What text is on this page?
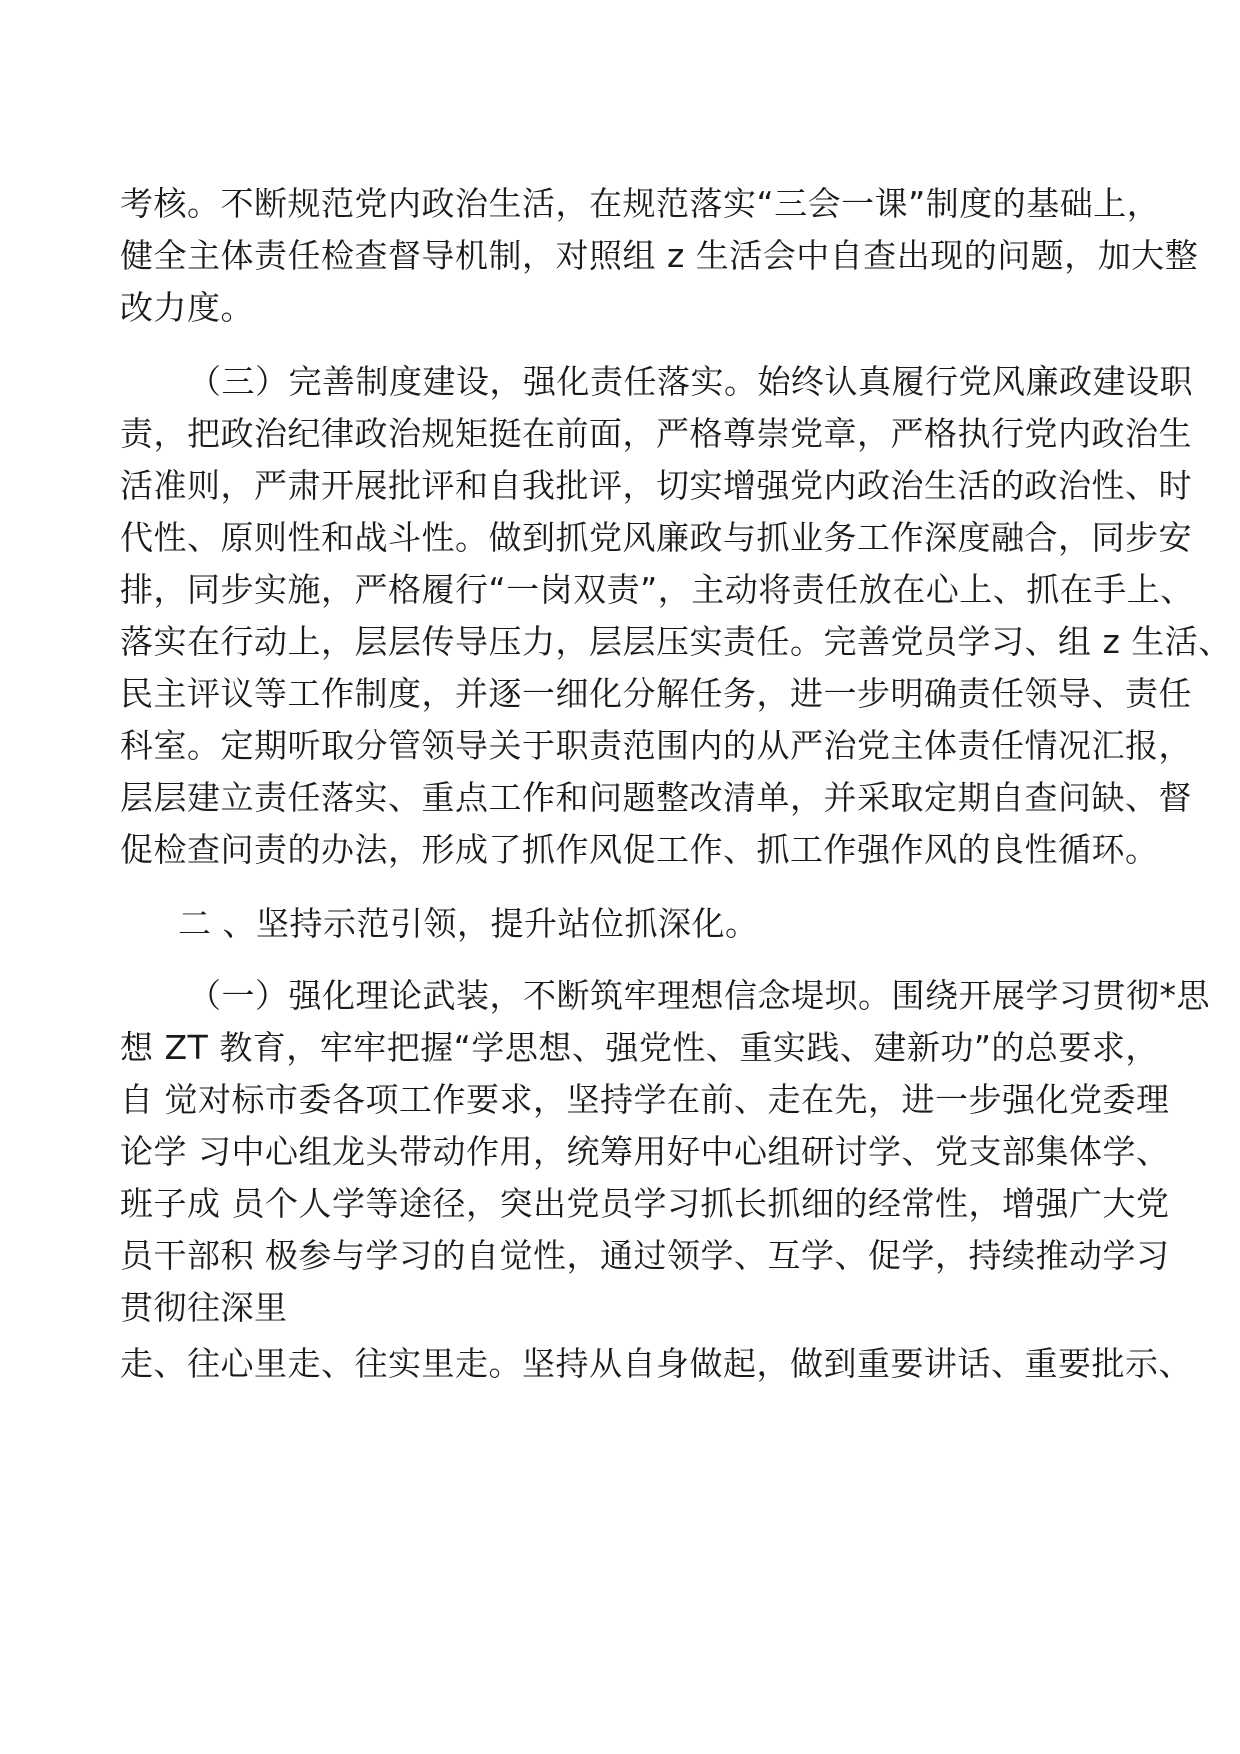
考核。不断规范党内政治生活，在规范落实“三会一课”制度的基础上，
健全主体责任检查督导机制，对照组 z 生活会中自查出现的问题，加大整
改力度。
（三）完善制度建设，强化责任落实。始终认真履行党风廉政建设职
责，把政治纪律政治规矩挺在前面，严格尊崇党章，严格执行党内政治生
活准则，严肃开展批评和自我批评，切实增强党内政治生活的政治性、时
代性、原则性和战斗性。做到抓党风廉政与抓业务工作深度融合，同步安
排，同步实施，严格履行“一岗双责”，主动将责任放在心上、抓在手上、
落实在行动上，层层传导压力，层层压实责任。完善党员学习、组 z 生活、
民主评议等工作制度，并逐一细化分解任务，进一步明确责任领导、责任
科室。定期听取分管领导关于职责范围内的从严治党主体责任情况汇报，
层层建立责任落实、重点工作和问题整改清单，并采取定期自查问缺、督
促检查问责的办法，形成了抓作风促工作、抓工作强作风的良性循环。
二 、坚持示范引领，提升站位抓深化。
（一）强化理论武装，不断筑牢理想信念堤坝。围绕开展学习贯彻*思
想 ZT 教育，牢牢把握“学思想、强党性、重实践、建新功”的总要求，
自 觉对标市委各项工作要求，坚持学在前、走在先，进一步强化党委理
论学 习中心组龙头带动作用，统筹用好中心组研讨学、党支部集体学、
班子成 员个人学等途径，突出党员学习抓长抓细的经常性，增强广大党
员干部积 极参与学习的自觉性，通过领学、互学、促学，持续推动学习
贯彻往深里
走、往心里走、往实里走。坚持从自身做起，做到重要讲话、重要批示、
